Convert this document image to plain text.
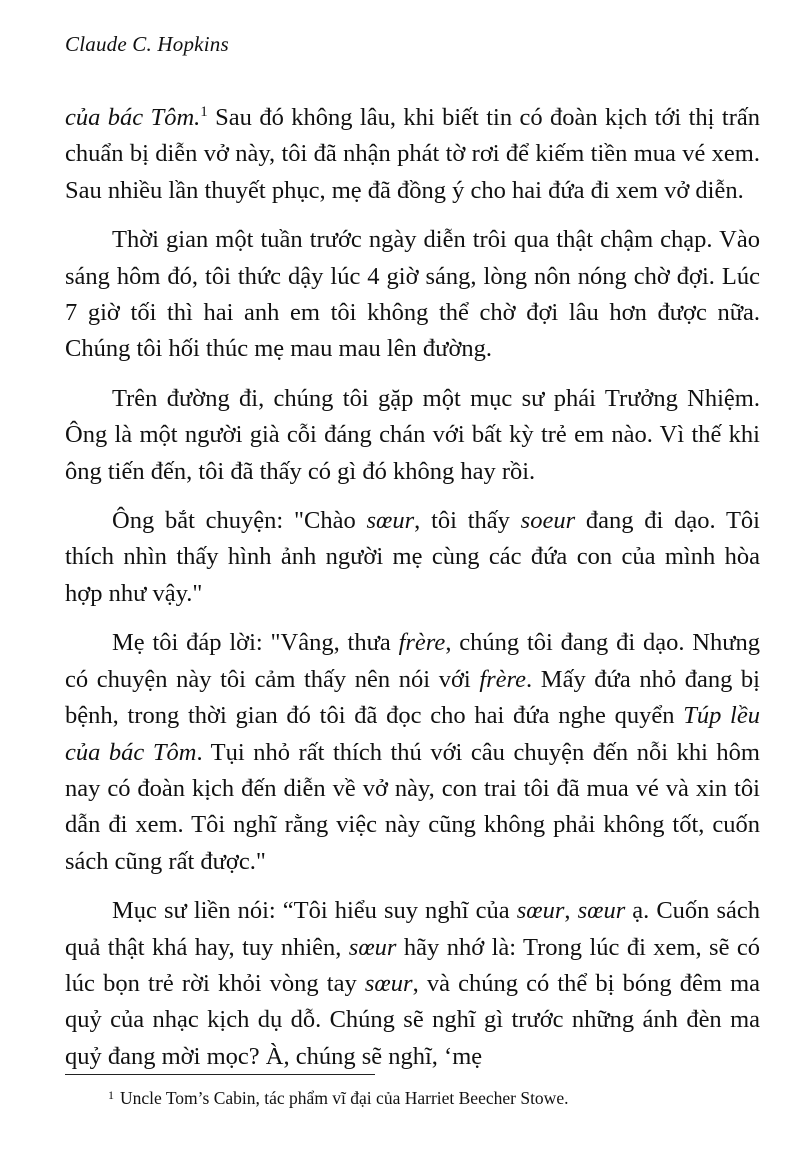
Claude C. Hopkins

của bác Tôm.$^1$ Sau đó không lâu, khi biết tin có đoàn kịch tới thị trấn chuẩn bị diễn vở này, tôi đã nhận phát tờ rơi để kiếm tiền mua vé xem. Sau nhiều lần thuyết phục, mẹ đã đồng ý cho hai đứa đi xem vở diễn.

Thời gian một tuần trước ngày diễn trôi qua thật chậm chạp. Vào sáng hôm đó, tôi thức dậy lúc 4 giờ sáng, lòng nôn nóng chờ đợi. Lúc 7 giờ tối thì hai anh em tôi không thể chờ đợi lâu hơn được nữa. Chúng tôi hối thúc mẹ mau mau lên đường.

Trên đường đi, chúng tôi gặp một mục sư phái Trưởng Nhiệm. Ông là một người già cỗi đáng chán với bất kỳ trẻ em nào. Vì thế khi ông tiến đến, tôi đã thấy có gì đó không hay rồi.

Ông bắt chuyện: "Chào sœur, tôi thấy soeur đang đi dạo. Tôi thích nhìn thấy hình ảnh người mẹ cùng các đứa con của mình hòa hợp như vậy."

Mẹ tôi đáp lời: "Vâng, thưa frère, chúng tôi đang đi dạo. Nhưng có chuyện này tôi cảm thấy nên nói với frère. Mấy đứa nhỏ đang bị bệnh, trong thời gian đó tôi đã đọc cho hai đứa nghe quyển Túp lều của bác Tôm. Tụi nhỏ rất thích thú với câu chuyện đến nỗi khi hôm nay có đoàn kịch đến diễn về vở này, con trai tôi đã mua vé và xin tôi dẫn đi xem. Tôi nghĩ rằng việc này cũng không phải không tốt, cuốn sách cũng rất được."

Mục sư liền nói: “Tôi hiểu suy nghĩ của sœur, sœur ạ. Cuốn sách quả thật khá hay, tuy nhiên, sœur hãy nhớ là: Trong lúc đi xem, sẽ có lúc bọn trẻ rời khỏi vòng tay sœur, và chúng có thể bị bóng đêm ma quỷ của nhạc kịch dụ dỗ. Chúng sẽ nghĩ gì trước những ánh đèn ma quỷ đang mời mọc? À, chúng sẽ nghĩ, ‘mẹ

$^1$ Uncle Tom’s Cabin, tác phẩm vĩ đại của Harriet Beecher Stowe.
